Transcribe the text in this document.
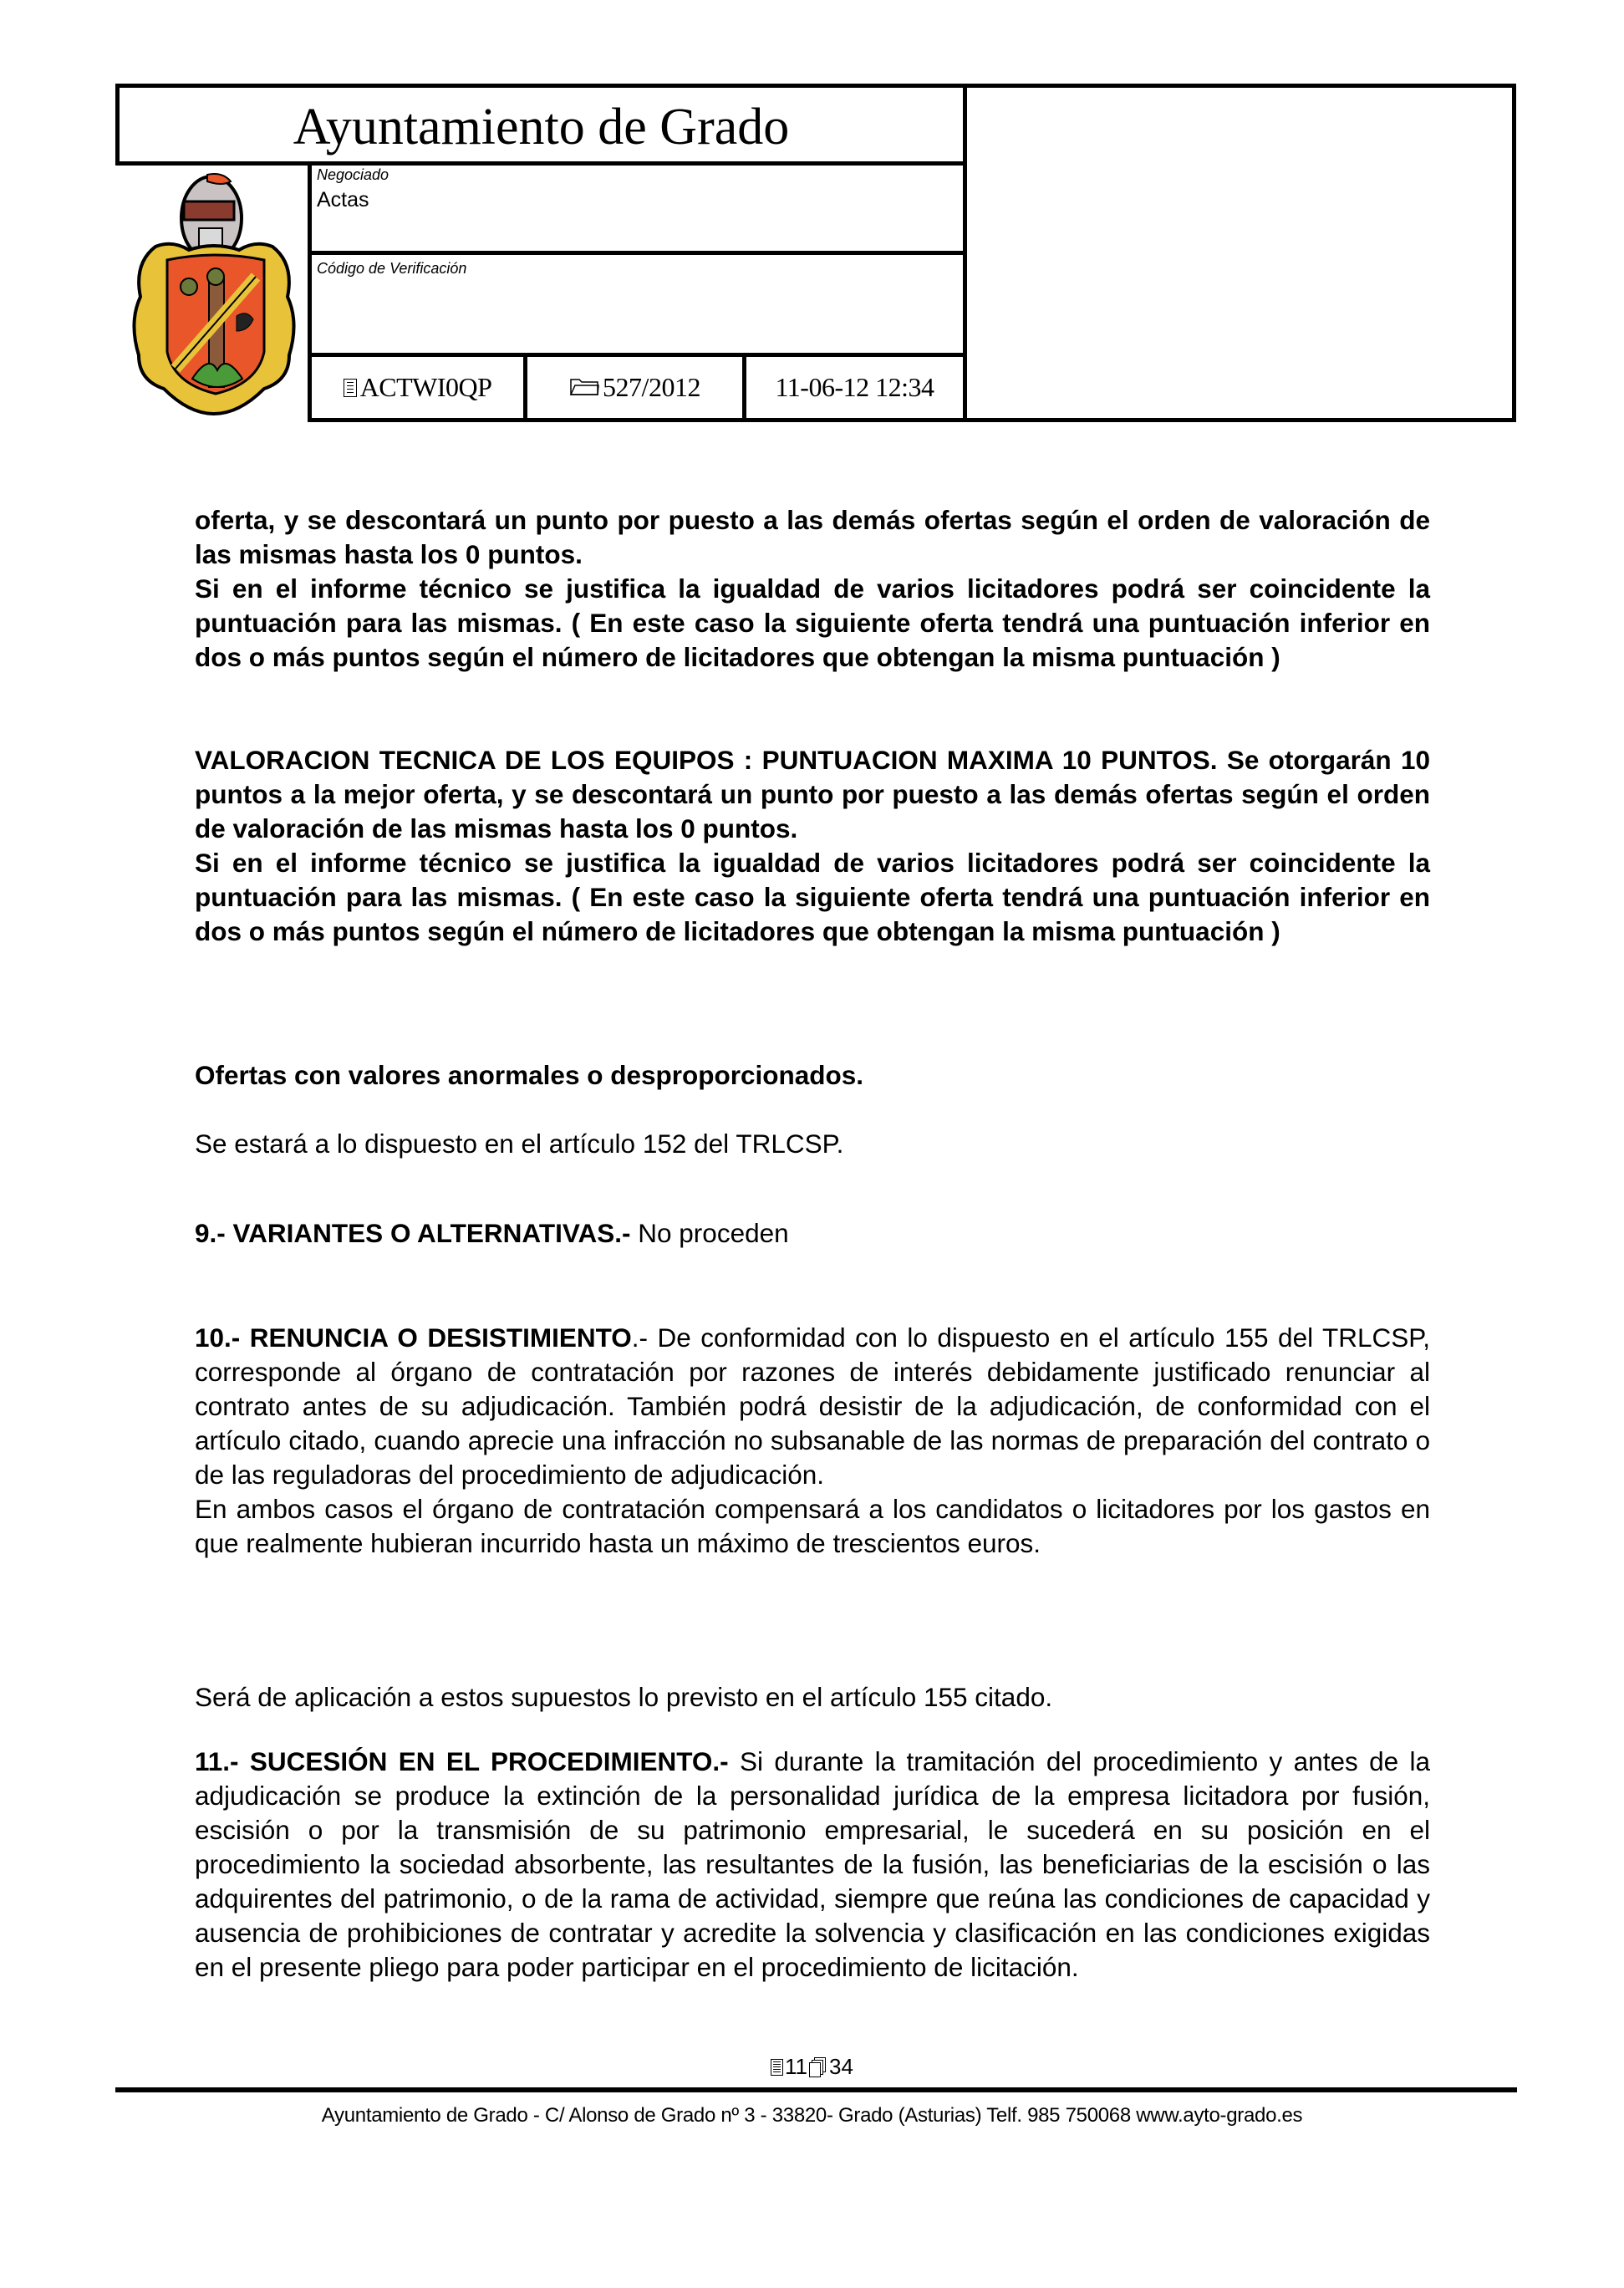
Ayuntamiento de Grado
Negociado
Actas
Código de Verificación
ACTWI0QP	527/2012	11-06-12 12:34

oferta, y se descontará un punto por puesto a las demás ofertas según el orden de valoración de las mismas hasta los 0 puntos.

Si en el informe técnico se justifica la igualdad de varios licitadores podrá ser coincidente la puntuación para las mismas. ( En este caso la siguiente oferta tendrá una puntuación inferior en dos o más puntos según el número de licitadores que obtengan la misma puntuación )

VALORACION TECNICA DE LOS EQUIPOS : PUNTUACION MAXIMA 10 PUNTOS. Se otorgarán 10 puntos a la mejor oferta, y se descontará un punto por puesto a las demás ofertas según el orden de valoración de las mismas hasta los 0 puntos.

Si en el informe técnico se justifica la igualdad de varios licitadores podrá ser coincidente la puntuación para las mismas. ( En este caso la siguiente oferta tendrá una puntuación inferior en dos o más puntos según el número de licitadores que obtengan la misma puntuación )

Ofertas con valores anormales o desproporcionados.
Se estará a lo dispuesto en el artículo 152 del TRLCSP.
9.- VARIANTES O ALTERNATIVAS.- No proceden

10.- RENUNCIA O DESISTIMIENTO.- De conformidad con lo dispuesto en el artículo 155 del TRLCSP, corresponde al órgano de contratación por razones de interés debidamente justificado renunciar al contrato antes de su adjudicación. También podrá desistir de la adjudicación, de conformidad con el artículo citado, cuando aprecie una infracción no subsanable de las normas de preparación del contrato o de las reguladoras del procedimiento de adjudicación.

En ambos casos el órgano de contratación compensará a los candidatos o licitadores por los gastos en que realmente hubieran incurrido hasta un máximo de trescientos euros.

Será de aplicación a estos supuestos lo previsto en el artículo 155 citado.

11.- SUCESIÓN EN EL PROCEDIMIENTO.- Si durante la tramitación del procedimiento y antes de la adjudicación se produce la extinción de la personalidad jurídica de la empresa licitadora por fusión, escisión o por la transmisión de su patrimonio empresarial, le sucederá en su posición en el procedimiento la sociedad absorbente, las resultantes de la fusión, las beneficiarias de la escisión o las adquirentes del patrimonio, o de la rama de actividad, siempre que reúna las condiciones de capacidad y ausencia de prohibiciones de contratar y acredite la solvencia y clasificación en las condiciones exigidas en el presente pliego para poder participar en el procedimiento de licitación.

11 34
Ayuntamiento de Grado - C/ Alonso de Grado nº 3 - 33820- Grado (Asturias) Telf. 985 750068 www.ayto-grado.es
